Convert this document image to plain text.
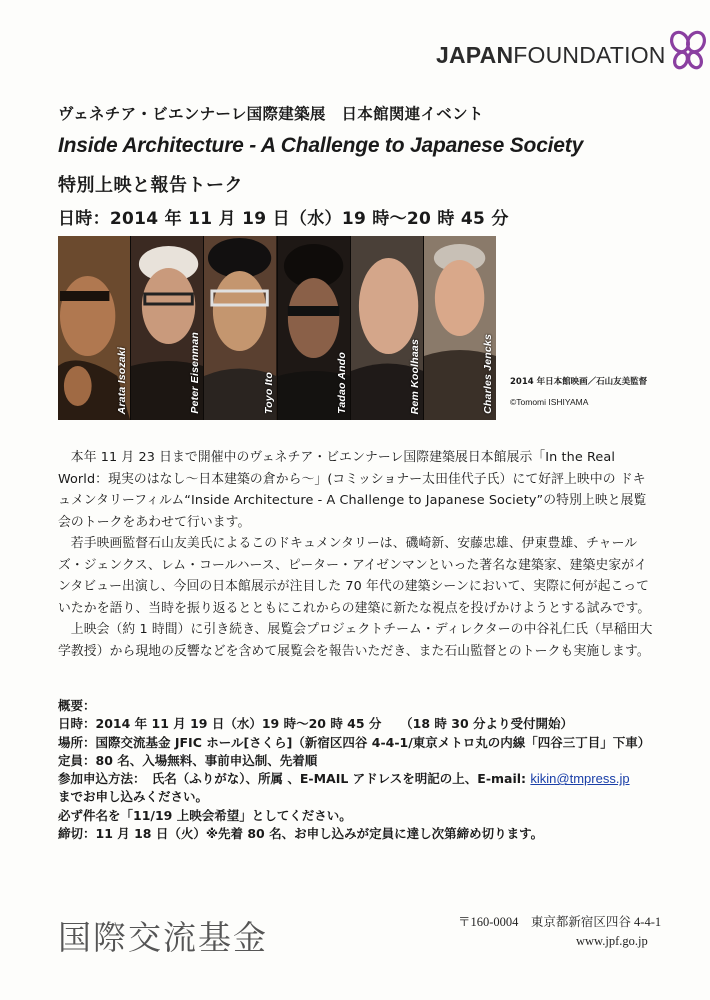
JAPANFOUNDATION
ヴェネチア・ビエンナーレ国際建築展　日本館関連イベント
Inside Architecture - A Challenge to Japanese Society
特別上映と報告トーク
日時：2014 年 11 月 19 日（水）19 時〜20 時 45 分
Arata Isozaki	Peter Eisenman	Toyo Ito	Tadao Ando	Rem Koolhaas	Charles Jencks 2014 年日本館映画／石山友美監督
©Tomomi ISHIYAMA

本年 11 月 23 日まで開催中のヴェネチア・ビエンナーレ国際建築展日本館展示「In the Real World：現実のはなし〜日本建築の倉から〜」(コミッショナー太田佳代子氏）にて好評上映中の ドキュメンタリーフィルム“Inside Architecture - A Challenge to Japanese Society”の特別上映と展覧会のトークをあわせて行います。

若手映画監督石山友美氏によるこのドキュメンタリーは、磯崎新、安藤忠雄、伊東豊雄、チャールズ・ジェンクス、レム・コールハース、ピーター・アイゼンマンといった著名な建築家、建築史家がインタビュー出演し、今回の日本館展示が注目した 70 年代の建築シーンにおいて、実際に何が起こっていたかを語り、当時を振り返るとともにこれからの建築に新たな視点を投げかけようとする試みです。

上映会（約 1 時間）に引き続き、展覧会プロジェクトチーム・ディレクターの中谷礼仁氏（早稲田大学教授）から現地の反響などを含めて展覧会を報告いただき、また石山監督とのトークも実施します。

概要：
日時：2014 年 11 月 19 日（水）19 時〜20 時 45 分　　（18 時 30 分より受付開始）
場所：国際交流基金 JFIC ホール[さくら]（新宿区四谷 4-4-1/東京メトロ丸の内線「四谷三丁目」下車）
定員：80 名、入場無料、事前申込制、先着順
参加申込方法：　氏名（ふりがな）、所属 、E-MAIL アドレスを明記の上、E-mail: kikin@tmpress.jp
までお申し込みください。
必ず件名を「11/19 上映会希望」としてください。
締切：11 月 18 日（火）※先着 80 名、お申し込みが定員に達し次第締め切ります。
国際交流基金	〒160-0004　東京都新宿区四谷 4-4-1
www.jpf.go.jp
